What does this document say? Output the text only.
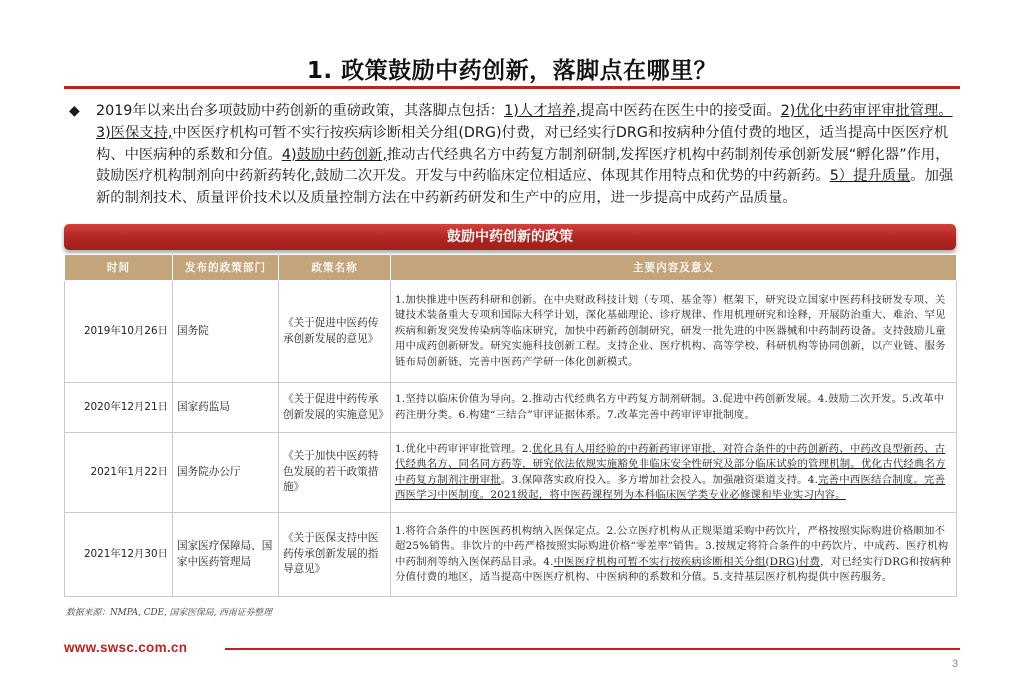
1. 政策鼓励中药创新，落脚点在哪里？
◆	2019年以来出台多项鼓励中药创新的重磅政策，其落脚点包括：1)人才培养,提高中医药在医生中的接受面。2)优化中药审评审批管理。3)医保支持,中医医疗机构可暂不实行按疾病诊断相关分组(DRG)付费，对已经实行DRG和按病种分值付费的地区，适当提高中医医疗机构、中医病种的系数和分值。4)鼓励中药创新,推动古代经典名方中药复方制剂研制,发挥医疗机构中药制剂传承创新发展“孵化器”作用，鼓励医疗机构制剂向中药新药转化,鼓励二次开发。开发与中药临床定位相适应、体现其作用特点和优势的中药新药。5）提升质量。加强新的制剂技术、质量评价技术以及质量控制方法在中药新药研发和生产中的应用，进一步提高中成药产品质量。

鼓励中药创新的政策
时间	发布的政策部门	政策名称	主要内容及意义
2019年10月26日	国务院	《关于促进中医药传承创新发展的意见》	1.加快推进中医药科研和创新。在中央财政科技计划（专项、基金等）框架下，研究设立国家中医药科技研发专项、关键技术装备重大专项和国际大科学计划，深化基础理论、诊疗规律、作用机理研究和诠释，开展防治重大、难治、罕见疾病和新发突发传染病等临床研究，加快中药新药创制研究，研发一批先进的中医器械和中药制药设备。支持鼓励儿童用中成药创新研发。研究实施科技创新工程。支持企业、医疗机构、高等学校、科研机构等协同创新，以产业链、服务链布局创新链，完善中医药产学研一体化创新模式。
2020年12月21日	国家药监局	《关于促进中药传承创新发展的实施意见》	1.坚持以临床价值为导向。2.推动古代经典名方中药复方制剂研制。3.促进中药创新发展。4.鼓励二次开发。5.改革中药注册分类。6.构建“三结合”审评证据体系。7.改革完善中药审评审批制度。
2021年1月22日	国务院办公厅	《关于加快中医药特色发展的若干政策措施》	1.优化中药审评审批管理。2.优化具有人用经验的中药新药审评审批，对符合条件的中药创新药、中药改良型新药、古代经典名方、同名同方药等，研究依法依规实施豁免非临床安全性研究及部分临床试验的管理机制。优化古代经典名方中药复方制剂注册审批。3.保障落实政府投入。多方增加社会投入。加强融资渠道支持。4.完善中西医结合制度。完善西医学习中医制度。2021级起，将中医药课程列为本科临床医学类专业必修课和毕业实习内容。
2021年12月30日	国家医疗保障局、国家中医药管理局	《关于医保支持中医药传承创新发展的指导意见》	1.将符合条件的中医医药机构纳入医保定点。2.公立医疗机构从正规渠道采购中药饮片，严格按照实际购进价格顺加不超25%销售。非饮片的中药严格按照实际购进价格“零差率”销售。3.按规定将符合条件的中药饮片、中成药、医疗机构中药制剂等纳入医保药品目录。4.中医医疗机构可暂不实行按疾病诊断相关分组(DRG)付费，对已经实行DRG和按病种分值付费的地区，适当提高中医医疗机构、中医病种的系数和分值。5.支持基层医疗机构提供中医药服务。
数据来源：NMPA, CDE, 国家医保局, 西南证券整理
www.swsc.com.cn
3
